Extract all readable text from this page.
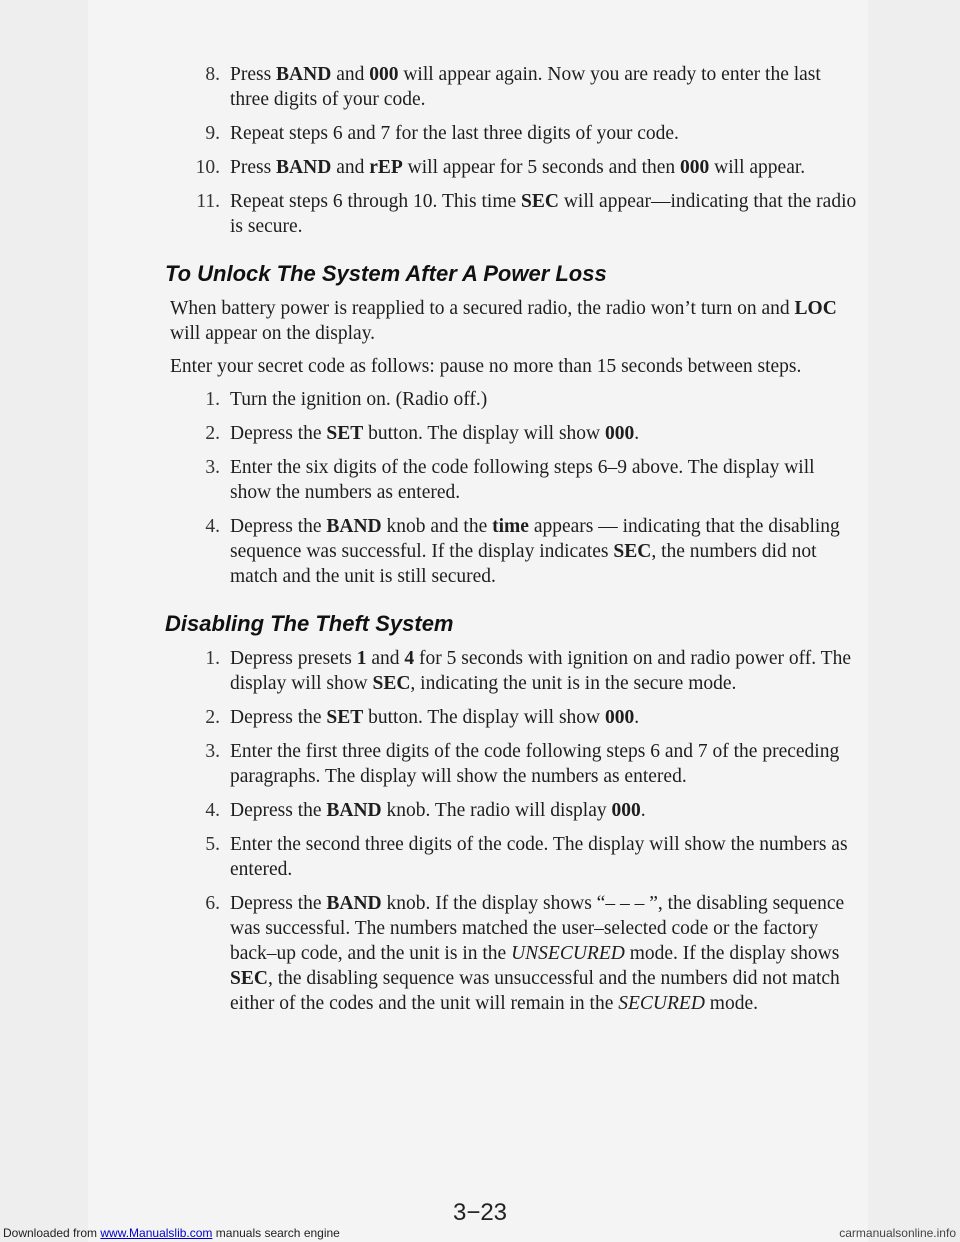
8. Press BAND and 000 will appear again. Now you are ready to enter the last three digits of your code.
9. Repeat steps 6 and 7 for the last three digits of your code.
10. Press BAND and rEP will appear for 5 seconds and then 000 will appear.
11. Repeat steps 6 through 10. This time SEC will appear—indicating that the radio is secure.
To Unlock The System After A Power Loss

When battery power is reapplied to a secured radio, the radio won’t turn on and LOC will appear on the display.

Enter your secret code as follows: pause no more than 15 seconds between steps.

1. Turn the ignition on. (Radio off.)
2. Depress the SET button. The display will show 000.
3. Enter the six digits of the code following steps 6–9 above. The display will show the numbers as entered.
4. Depress the BAND knob and the time appears — indicating that the disabling sequence was successful. If the display indicates SEC, the numbers did not match and the unit is still secured.
Disabling The Theft System
1. Depress presets 1 and 4 for 5 seconds with ignition on and radio power off. The display will show SEC, indicating the unit is in the secure mode.
2. Depress the SET button. The display will show 000.
3. Enter the first three digits of the code following steps 6 and 7 of the preceding paragraphs. The display will show the numbers as entered.
4. Depress the BAND knob. The radio will display 000.
5. Enter the second three digits of the code. The display will show the numbers as entered.
6. Depress the BAND knob. If the display shows “– – – ”, the disabling sequence was successful. The numbers matched the user–selected code or the factory back–up code, and the unit is in the UNSECURED mode. If the display shows SEC, the disabling sequence was unsuccessful and the numbers did not match either of the codes and the unit will remain in the SECURED mode.
3−23
Downloaded from www.Manualslib.com manuals search engine	carmanualsonline.info
